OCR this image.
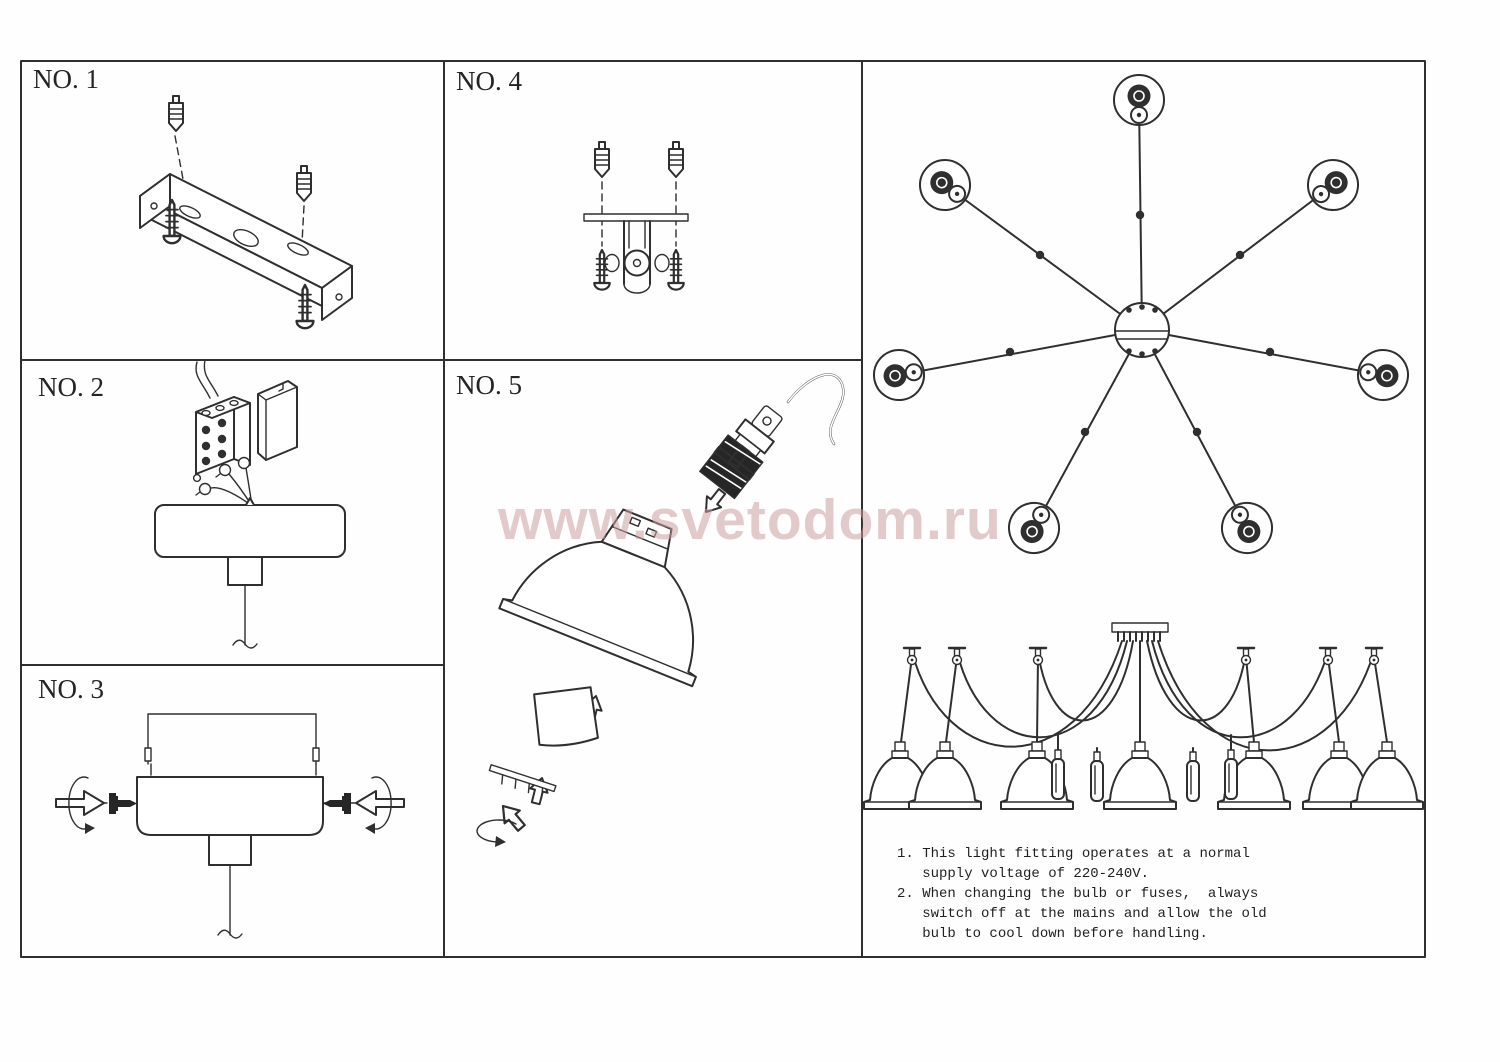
NO. 1
NO. 2
NO. 3
NO. 4
NO. 5
1. This light fitting operates at a normal
supply voltage of 220-240V.
2. When changing the bulb or fuses,  always
switch off at the mains and allow the old
bulb to cool down before handling.
www.svetodom.ru
